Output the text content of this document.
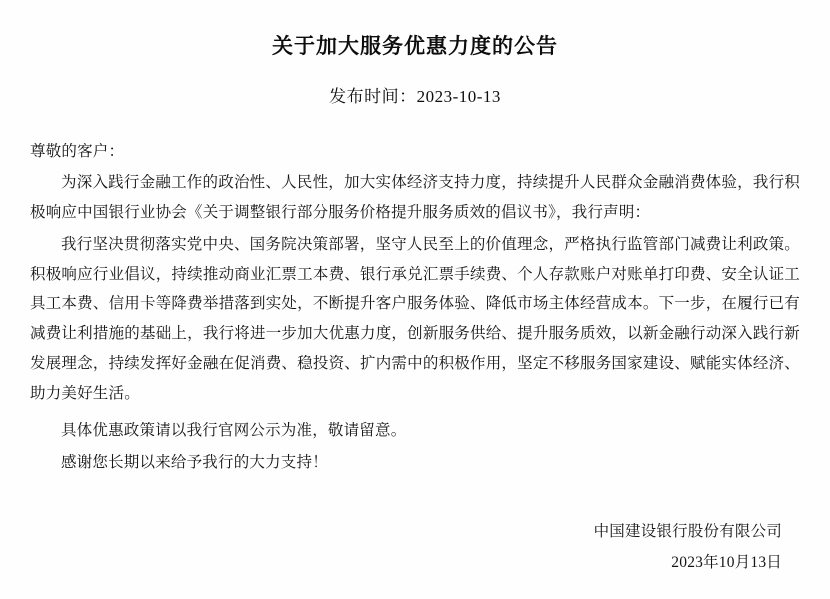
关于加大服务优惠力度的公告
发布时间：2023-10-13

尊敬的客户：

为深入践行金融工作的政治性、人民性，加大实体经济支持力度，持续提升人民群众金融消费体验，我行积极响应中国银行业协会《关于调整银行部分服务价格提升服务质效的倡议书》，我行声明：

我行坚决贯彻落实党中央、国务院决策部署，坚守人民至上的价值理念，严格执行监管部门减费让利政策。积极响应行业倡议，持续推动商业汇票工本费、银行承兑汇票手续费、个人存款账户对账单打印费、安全认证工具工本费、信用卡等降费举措落到实处，不断提升客户服务体验、降低市场主体经营成本。下一步，在履行已有减费让利措施的基础上，我行将进一步加大优惠力度，创新服务供给、提升服务质效，以新金融行动深入践行新发展理念，持续发挥好金融在促消费、稳投资、扩内需中的积极作用，坚定不移服务国家建设、赋能实体经济、助力美好生活。

具体优惠政策请以我行官网公示为准，敬请留意。

感谢您长期以来给予我行的大力支持！

中国建设银行股份有限公司

2023年10月13日
